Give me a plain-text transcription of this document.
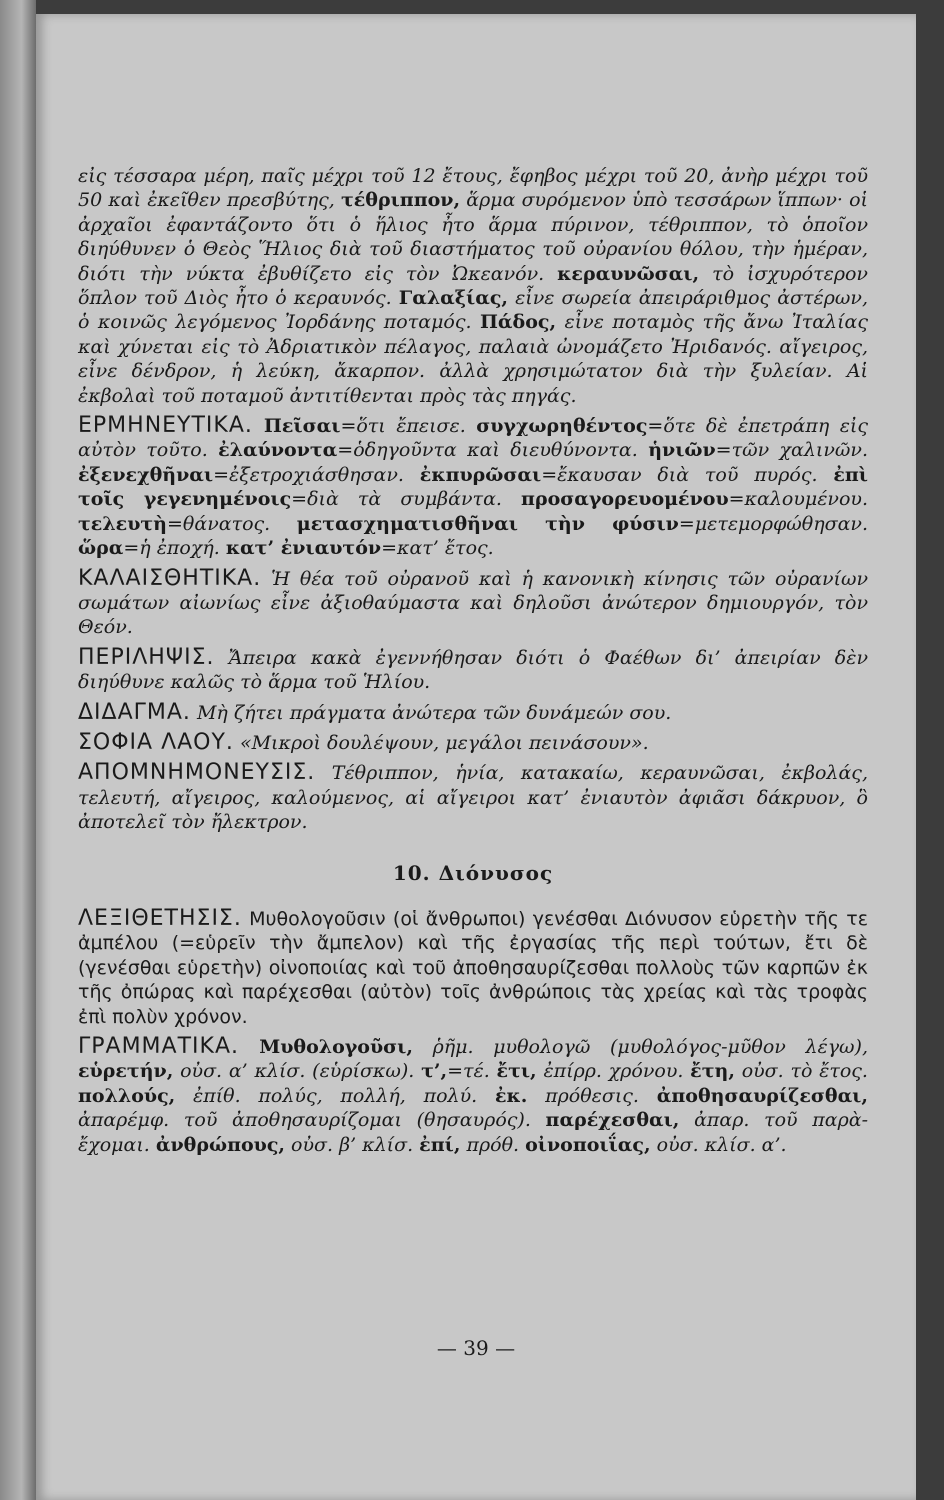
εἰς τέσσαρα μέρη, παῖς μέχρι τοῦ 12 ἔτους, ἔφηβος μέχρι τοῦ 20, ἀνὴρ μέχρι τοῦ 50 καὶ ἐκεῖθεν πρεσβύτης, τέθριππον, ἅρμα συρόμενον ὑπὸ τεσσάρων ἵππων· οἱ ἀρχαῖοι ἐφαντάζοντο ὅτι ὁ ἥλιος ἦτο ἅρμα πύρινον, τέθριππον, τὸ ὁποῖον διηύθυνεν ὁ Θεὸς Ἥλιος διὰ τοῦ διαστήματος τοῦ οὐρανίου θόλου, τὴν ἡμέραν, διότι τὴν νύκτα ἐβυθίζετο εἰς τὸν Ὠκεανόν. κεραυνῶσαι, τὸ ἰσχυρότερον ὅπλον τοῦ Διὸς ἦτο ὁ κεραυνός. Γαλαξίας, εἶνε σωρεία ἀπειράριθμος ἀστέρων, ὁ κοινῶς λεγόμενος Ἰορδάνης ποταμός. Πάδος, εἶνε ποταμὸς τῆς ἄνω Ἰταλίας καὶ χύνεται εἰς τὸ Ἀδριατικὸν πέλαγος, παλαιὰ ὠνομάζετο Ἠριδανός. αἴγειρος, εἶνε δένδρον, ἡ λεύκη, ἄκαρπον. ἀλλὰ χρησιμώτατον διὰ τὴν ξυλείαν. Αἱ ἐκβολαὶ τοῦ ποταμοῦ ἀντιτίθενται πρὸς τὰς πηγάς.

ΕΡΜΗΝΕΥΤΙΚΑ. Πεῖσαι=ὅτι ἔπεισε. συγχωρηθέντος=ὅτε δὲ ἐπετράπη εἰς αὐτὸν τοῦτο. ἐλαύνοντα=ὁδηγοῦντα καὶ διευθύνοντα. ἡνιῶν=τῶν χαλινῶν. ἐξενεχθῆναι=ἐξετροχιάσθησαν. ἐκπυρῶσαι=ἔκαυσαν διὰ τοῦ πυρός. ἐπὶ τοῖς γεγενημένοις=διὰ τὰ συμβάντα. προσαγορευομένου=καλουμένου. τελευτὴ=θάνατος. μετασχηματισθῆναι τὴν φύσιν=μετεμορφώθησαν. ὥρα=ἡ ἐποχή. κατ’ ἐνιαυτόν=κατ’ ἔτος.

ΚΑΛΑΙΣΘΗΤΙΚΑ. Ἡ θέα τοῦ οὐρανοῦ καὶ ἡ κανονικὴ κίνησις τῶν οὐρανίων σωμάτων αἰωνίως εἶνε ἀξιοθαύμαστα καὶ δηλοῦσι ἀνώτερον δημιουργόν, τὸν Θεόν.

ΠΕΡΙΛΗΨΙΣ. Ἄπειρα κακὰ ἐγεννήθησαν διότι ὁ Φαέθων δι’ ἀπειρίαν δὲν διηύθυνε καλῶς τὸ ἅρμα τοῦ Ἡλίου.

ΔΙΔΑΓΜΑ. Μὴ ζήτει πράγματα ἀνώτερα τῶν δυνάμεών σου.

ΣΟΦΙΑ ΛΑΟΥ. «Μικροὶ δουλέψουν, μεγάλοι πεινάσουν».

ΑΠΟΜΝΗΜΟΝΕΥΣΙΣ. Τέθριππον, ἡνία, κατακαίω, κεραυνῶσαι, ἐκβολάς, τελευτή, αἴγειρος, καλούμενος, αἱ αἴγειροι κατ’ ἐνιαυτὸν ἀφιᾶσι δάκρυον, ὃ ἀποτελεῖ τὸν ἤλεκτρον.

10. Διόνυσος

ΛΕΞΙΘΕΤΗΣΙΣ. Μυθολογοῦσιν (οἱ ἄνθρωποι) γενέσθαι Διόνυσον εὑρετὴν τῆς τε ἀμπέλου (=εὑρεῖν τὴν ἄμπελον) καὶ τῆς ἐργασίας τῆς περὶ τούτων, ἔτι δὲ (γενέσθαι εὑρετὴν) οἰνοποιίας καὶ τοῦ ἀποθησαυρίζεσθαι πολλοὺς τῶν καρπῶν ἐκ τῆς ὀπώρας καὶ παρέχεσθαι (αὐτὸν) τοῖς ἀνθρώποις τὰς χρείας καὶ τὰς τροφὰς ἐπὶ πολὺν χρόνον.

ΓΡΑΜΜΑΤΙΚΑ. Μυθολογοῦσι, ῥῆμ. μυθολογῶ (μυθολόγος-μῦθον λέγω), εὑρετήν, οὐσ. α’ κλίσ. (εὑρίσκω). τ’,=τέ. ἔτι, ἐπίρρ. χρόνου. ἔτη, οὐσ. τὸ ἔτος. πολλούς, ἐπίθ. πολύς, πολλή, πολύ. ἐκ. πρόθεσις. ἀποθησαυρίζεσθαι, ἀπαρέμφ. τοῦ ἀποθησαυρίζομαι (θησαυρός). παρέχεσθαι, ἀπαρ. τοῦ παρὰ-ἔχομαι. ἀνθρώπους, οὐσ. β’ κλίσ. ἐπί, πρόθ. οἰνοποιΐας, οὐσ. κλίσ. α’.

— 39 —
